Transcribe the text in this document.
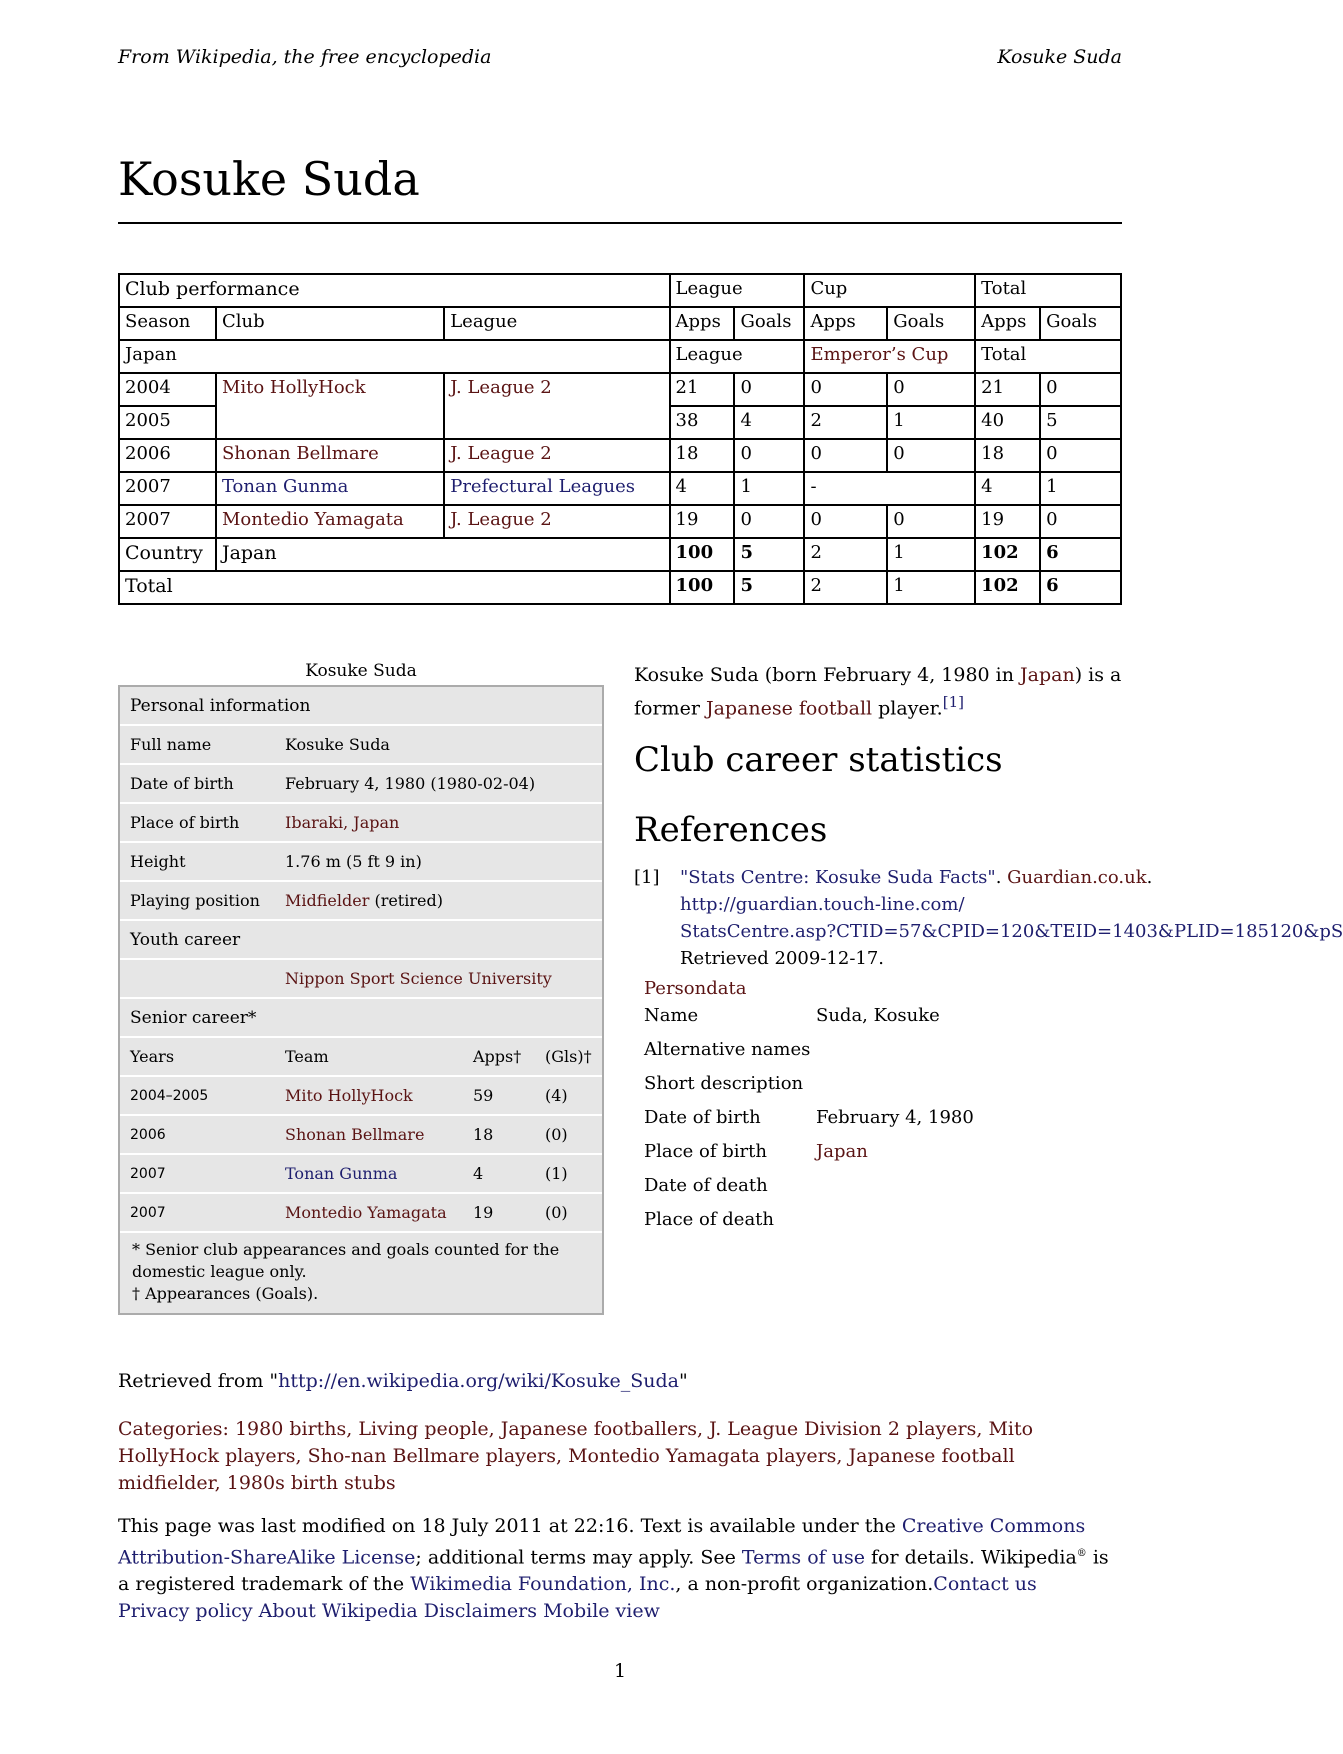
From Wikipedia, the free encyclopedia	Kosuke Suda
Kosuke Suda
Club performance			League		Cup		Total	
Season	Club	League	Apps	Goals	Apps	Goals	Apps	Goals
Japan			League		Emperor’s Cup		Total	
2004	Mito HollyHock	J. League 2	21	0	0	0	21	0
2005			38	4	2	1	40	5
2006	Shonan Bellmare	J. League 2	18	0	0	0	18	0
2007	Tonan Gunma	Prefectural Leagues	4	1	-		4	1
2007	Montedio Yamagata	J. League 2	19	0	0	0	19	0
Country	Japan		100	5	2	1	102	6
Total			100	5	2	1	102	6
Kosuke Suda
Personal information
Full name	Kosuke Suda
Date of birth	February 4, 1980 (1980-02-04)
Place of birth	Ibaraki, Japan
Height	1.76 m (5 ft 9 in)
Playing position	Midfielder (retired)
Youth career
Nippon Sport Science University
Senior career*
Years	Team	Apps†	(Gls)†
2004–2005	Mito HollyHock	59	(4)
2006	Shonan Bellmare	18	(0)
2007	Tonan Gunma	4	(1)
2007	Montedio Yamagata	19	(0)
* Senior club appearances and goals counted for the domestic league only.
† Appearances (Goals).
Kosuke Suda (born February 4, 1980 in Japan) is a former Japanese football player.[1]
Club career statistics
References
[1] "Stats Centre: Kosuke Suda Facts". Guardian.co.uk.
http://guardian.touch-line.com/
StatsCentre.asp?CTID=57&CPID=120&TEID=1403&PLID=185120&pS
Retrieved 2009-12-17.
Persondata
Name	Suda, Kosuke
Alternative names
Short description
Date of birth	February 4, 1980
Place of birth	Japan
Date of death
Place of death
Retrieved from "http://en.wikipedia.org/wiki/Kosuke_Suda"
Categories: 1980 births, Living people, Japanese footballers, J. League Division 2 players, Mito HollyHock players, Sho-nan Bellmare players, Montedio Yamagata players, Japanese football midfielder, 1980s birth stubs
This page was last modified on 18 July 2011 at 22:16. Text is available under the Creative Commons Attribution-ShareAlike License; additional terms may apply. See Terms of use for details. Wikipedia® is a registered trademark of the Wikimedia Foundation, Inc., a non-profit organization.Contact us
Privacy policy About Wikipedia Disclaimers Mobile view
1
